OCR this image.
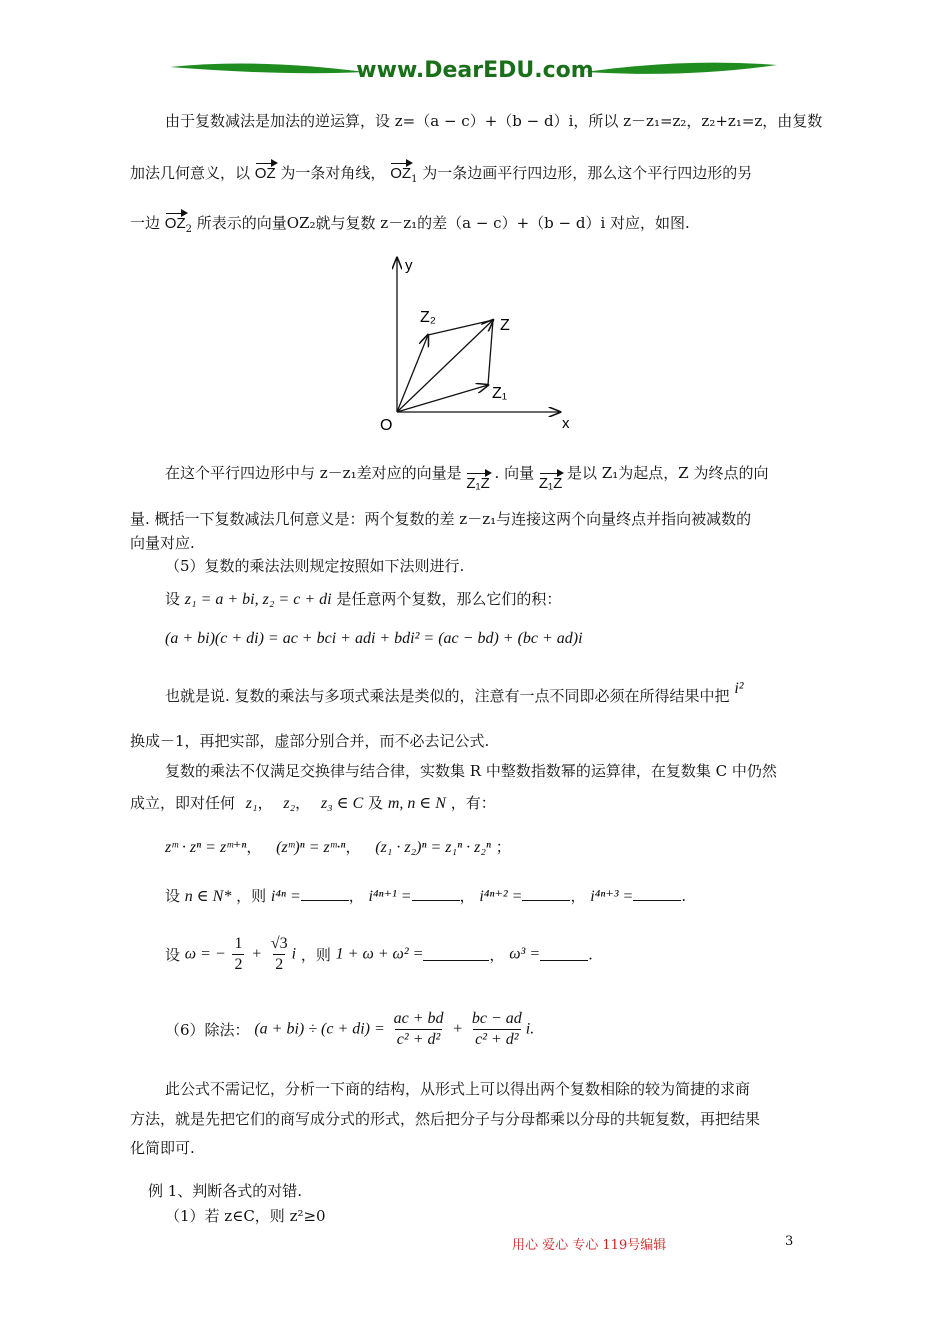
www.DearEDU.com
由于复数减法是加法的逆运算，设 z=（a − c）+（b − d）i，所以 z－z₁=z₂，z₂+z₁=z，由复数
加法几何意义，以 OZ 为一条对角线， $OZ_1$ 为一条边画平行四边形，那么这个平行四边形的另
一边 $OZ_2$ 所表示的向量OZ₂就与复数 z－z₁的差（a − c）+（b − d）i 对应，如图.
y
x
O
Z
Z₁
Z₂
在这个平行四边形中与 z－z₁差对应的向量是 Z₁Z . 向量 Z₁Z 是以 Z₁为起点，Z 为终点的向
量. 概括一下复数减法几何意义是：两个复数的差 z－z₁与连接这两个向量终点并指向被减数的
向量对应.
（5）复数的乘法法则规定按照如下法则进行.
设 z₁ = a + bi, z₂ = c + di 是任意两个复数，那么它们的积：
(a + bi)(c + di) = ac + bci + adi + bdi² = (ac − bd) + (bc + ad)i
也就是说. 复数的乘法与多项式乘法是类似的，注意有一点不同即必须在所得结果中把 i²
换成－1，再把实部，虚部分别合并，而不必去记公式.
复数的乘法不仅满足交换律与结合律，实数集 R 中整数指数幂的运算律，在复数集 C 中仍然
成立，即对任何 z₁， z₂， z₃ ∈ C 及 m, n ∈ N ，有：
zᵐ · zⁿ = zᵐ⁺ⁿ， (zᵐ)ⁿ = zᵐ·ⁿ， (z₁ · z₂)ⁿ = z₁ⁿ · z₂ⁿ ；
设 n ∈ N* ，则 i⁴ⁿ =	， i⁴ⁿ⁺¹ =	， i⁴ⁿ⁺² =	， i⁴ⁿ⁺³ =	.
设 ω = − $\frac{1}{2} + \frac{√3}{2}$ i ，则 1 + ω + ω² =	， ω³ =	.
（6）除法： $(a + bi) \div (c + di) = \frac{ac + bd}{\text{c² + d²}} + \frac{bc - ad}{\text{c² + d²}} i$.
此公式不需记忆，分析一下商的结构，从形式上可以得出两个复数相除的较为简捷的求商
方法，就是先把它们的商写成分式的形式，然后把分子与分母都乘以分母的共轭复数，再把结果
化简即可.
例 1、判断各式的对错.
（1）若 z∈C，则 z²≥0
用心 爱心 专心 119号编辑	3
